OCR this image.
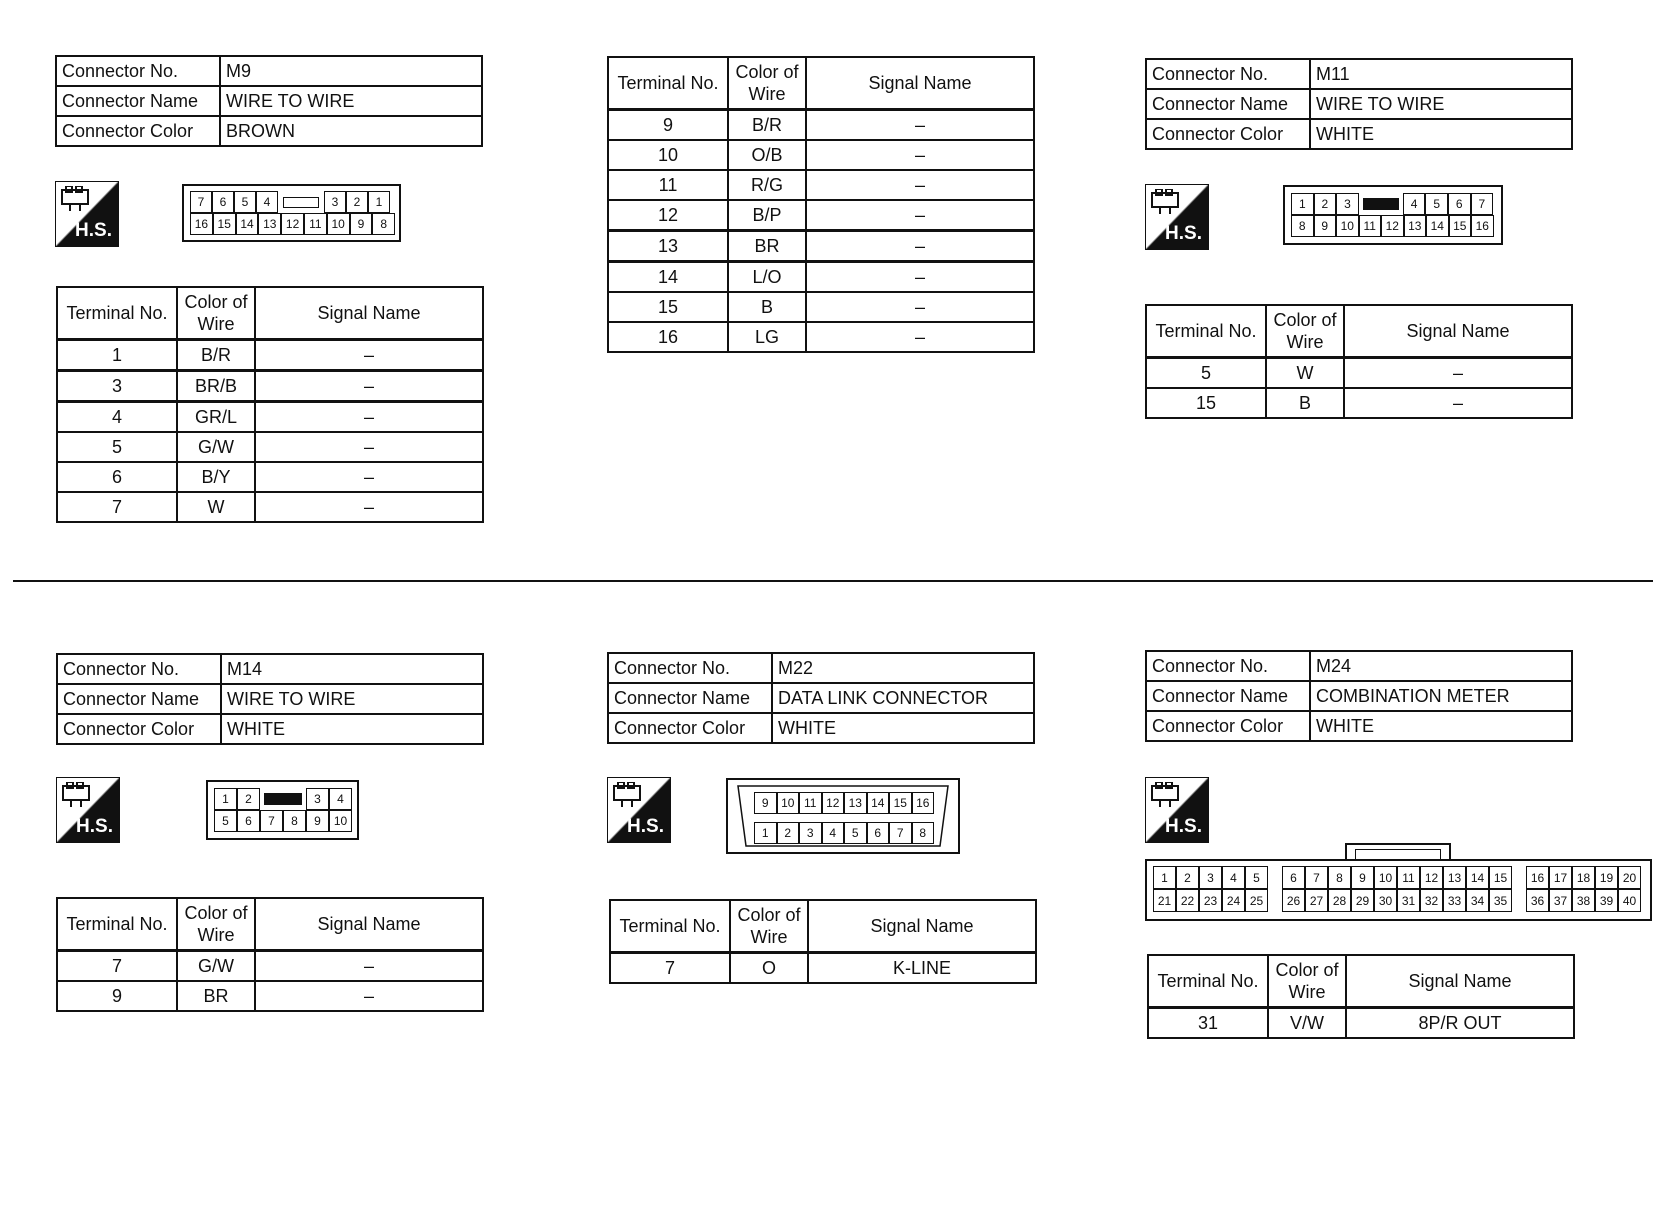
Connector No.	M9
Connector Name	WIRE TO WIRE
Connector Color	BROWN
H.S.
7	6	5	4	3	2	1
16 15 14 13 12 11 10	9	8
Terminal No.	Color of
Wire	Signal Name
1	B/R	–
3	BR/B	–
4	GR/L	–
5	G/W	–
6	B/Y	–
7	W	–
Terminal No.	Color of
Wire	Signal Name
9	B/R	–
10	O/B	–
11	R/G	–
12	B/P	–
13	BR	–
14	L/O	–
15	B	–
16	LG	–
Connector No.	M11
Connector Name	WIRE TO WIRE
Connector Color	WHITE
H.S.
1	2	3	4	5	6	7
8	9	10 11 12 13 14 15 16
Terminal No.	Color of
Wire	Signal Name
5	W	–
15	B	–
Connector No.	M14
Connector Name	WIRE TO WIRE
Connector Color	WHITE
H.S.
1	2	3	4
5	6	7	8	9	10
Terminal No.	Color of
Wire	Signal Name
7	G/W	–
9	BR	–
Connector No.	M22
Connector Name	DATA LINK CONNECTOR
Connector Color	WHITE
H.S.
9	10 11 12 13 14 15 16
1	2	3	4	5	6	7	8
Terminal No.	Color of
Wire	Signal Name
7	O	K-LINE
Connector No.	M24
Connector Name	COMBINATION METER
Connector Color	WHITE
H.S.
1	2	3	4	5	6	7	8	9	10 11 12 13 14 15	16 17 18 19 20
21 22 23 24 25	26 27 28 29 30 31 32 33 34 35	36 37 38 39 40
Terminal No.	Color of
Wire	Signal Name
31	V/W	8P/R OUT
